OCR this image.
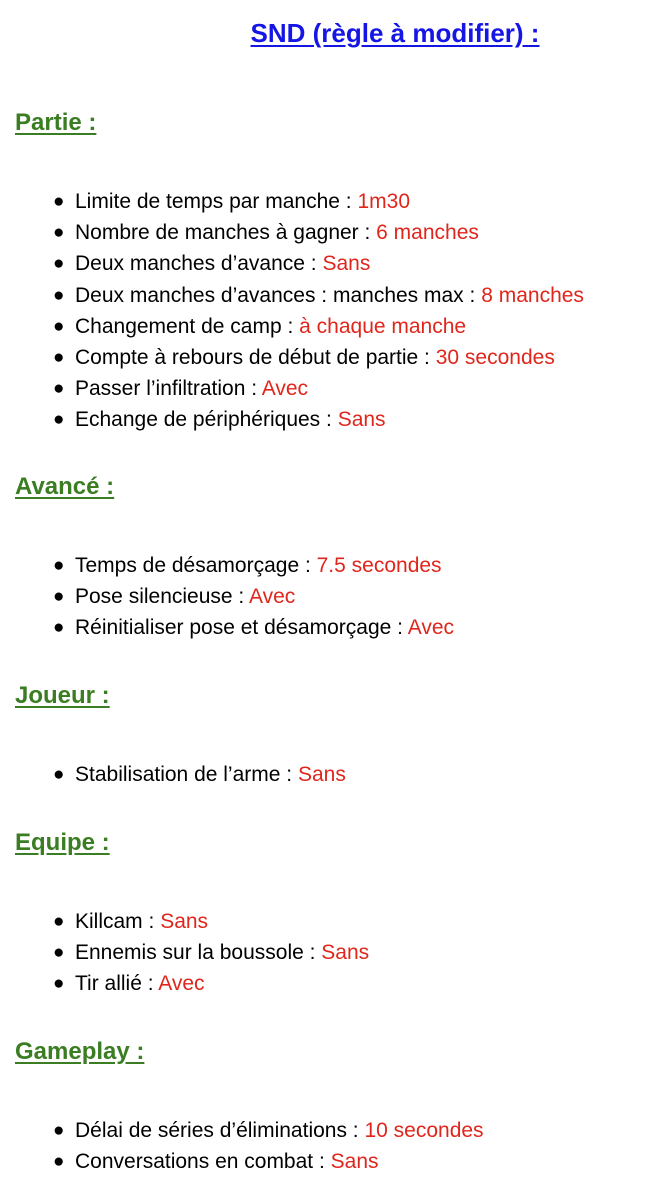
SND (règle à modifier) :
Partie :
● Limite de temps par manche : 1m30
● Nombre de manches à gagner : 6 manches
● Deux manches d’avance : Sans
● Deux manches d’avances : manches max : 8 manches
● Changement de camp : à chaque manche
● Compte à rebours de début de partie : 30 secondes
● Passer l’infiltration : Avec
● Echange de périphériques : Sans
Avancé :
● Temps de désamorçage : 7.5 secondes
● Pose silencieuse : Avec
● Réinitialiser pose et désamorçage : Avec
Joueur :
● Stabilisation de l’arme : Sans
Equipe :
● Killcam : Sans
● Ennemis sur la boussole : Sans
● Tir allié : Avec
Gameplay :
● Délai de séries d’éliminations : 10 secondes
● Conversations en combat : Sans
